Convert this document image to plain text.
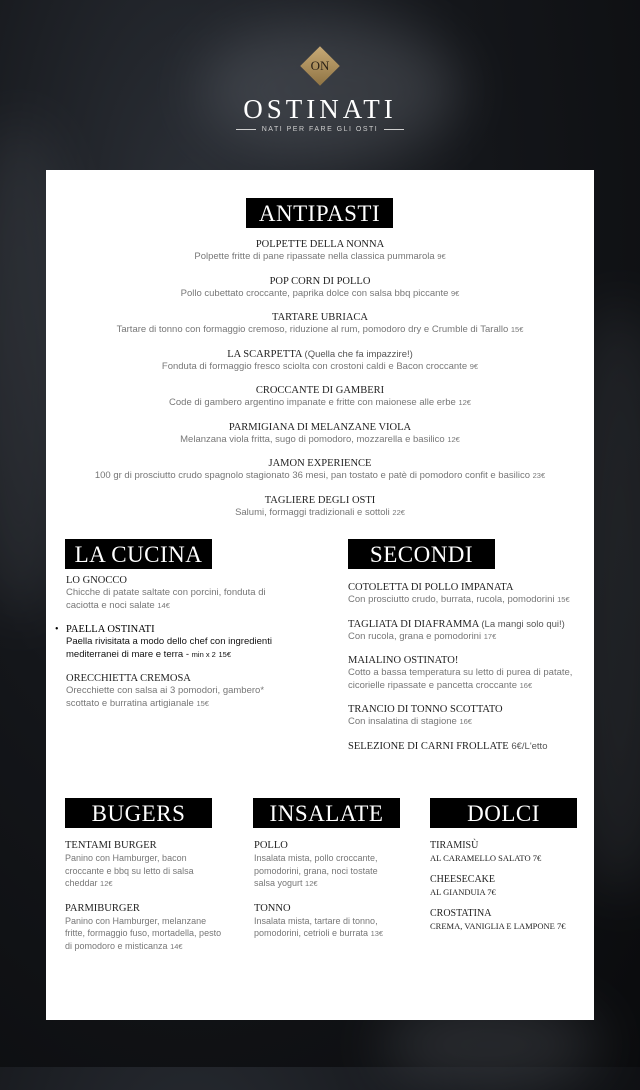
ON
OSTINATI
NATI PER FARE GLI OSTI
ANTIPASTI
POLPETTE DELLA NONNA
Polpette fritte di pane ripassate nella classica pummarola 9€
POP CORN DI POLLO
Pollo cubettato croccante, paprika dolce con salsa bbq piccante 9€
TARTARE UBRIACA
Tartare di tonno con formaggio cremoso, riduzione al rum, pomodoro dry e Crumble di Tarallo 15€
LA SCARPETTA (Quella che fa impazzire!)
Fonduta di formaggio fresco sciolta con crostoni caldi e Bacon croccante 9€
CROCCANTE DI GAMBERI
Code di gambero argentino impanate e fritte con maionese alle erbe 12€
PARMIGIANA DI MELANZANE VIOLA
Melanzana viola fritta, sugo di pomodoro, mozzarella e basilico 12€
JAMON EXPERIENCE
100 gr di prosciutto crudo spagnolo stagionato 36 mesi, pan tostato e patè di pomodoro confit e basilico 23€
TAGLIERE DEGLI OSTI
Salumi, formaggi tradizionali e sottoli 22€
LA CUCINA
LO GNOCCO
Chicche di patate saltate con porcini, fonduta di caciotta e noci salate 14€
• PAELLA OSTINATI
Paella rivisitata a modo dello chef con ingredienti mediterranei di mare e terra - min x 2 15€
ORECCHIETTA CREMOSA
Orecchiette con salsa ai 3 pomodori, gambero* scottato e burratina artigianale 15€
SECONDI
COTOLETTA DI POLLO IMPANATA
Con prosciutto crudo, burrata, rucola, pomodorini 15€
TAGLIATA DI DIAFRAMMA (La mangi solo qui!)
Con rucola, grana e pomodorini 17€
MAIALINO OSTINATO!
Cotto a bassa temperatura su letto di purea di patate, cicorielle ripassate e pancetta croccante 16€
TRANCIO DI TONNO SCOTTATO
Con insalatina di stagione 16€
SELEZIONE DI CARNI FROLLATE 6€/L'etto
BUGERS
TENTAMI BURGER
Panino con Hamburger, bacon croccante e bbq su letto di salsa cheddar 12€
PARMIBURGER
Panino con Hamburger, melanzane fritte, formaggio fuso, mortadella, pesto di pomodoro e misticanza 14€
INSALATE
POLLO
Insalata mista, pollo croccante, pomodorini, grana, noci tostate salsa yogurt 12€
TONNO
Insalata mista, tartare di tonno, pomodorini, cetrioli e burrata 13€
DOLCI
TIRAMISÙ
AL CARAMELLO SALATO 7€
CHEESECAKE
AL GIANDUIA 7€
CROSTATINA
CREMA, VANIGLIA E LAMPONE 7€
